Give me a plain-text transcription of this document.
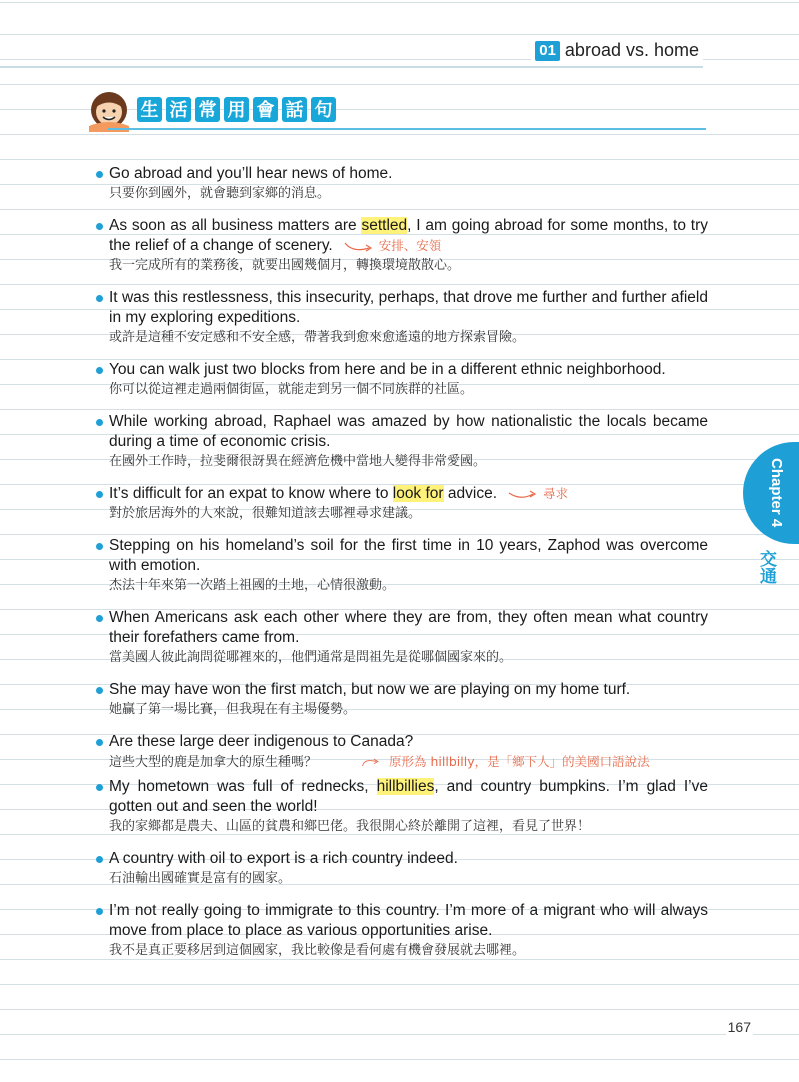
01 abroad vs. home
生 活 常 用 會 話 句
Go abroad and you’ll hear news of home.
只要你到國外，就會聽到家鄉的消息。
As soon as all business matters are settled, I am going abroad for some months, to try the relief of a change of scenery.	安排、安領
我一完成所有的業務後，就要出國幾個月，轉換環境散散心。
It was this restlessness, this insecurity, perhaps, that drove me further and further afield in my exploring expeditions.
或許是這種不安定感和不安全感，帶著我到愈來愈遙遠的地方探索冒險。
You can walk just two blocks from here and be in a different ethnic neighborhood.
你可以從這裡走過兩個街區，就能走到另一個不同族群的社區。
While working abroad, Raphael was amazed by how nationalistic the locals became during a time of economic crisis.
在國外工作時，拉斐爾很訝異在經濟危機中當地人變得非常愛國。
It’s difficult for an expat to know where to look for advice.	尋求
對於旅居海外的人來說，很難知道該去哪裡尋求建議。
Stepping on his homeland’s soil for the first time in 10 years, Zaphod was overcome with emotion.
杰法十年來第一次踏上祖國的土地，心情很激動。
When Americans ask each other where they are from, they often mean what country their forefathers came from.
當美國人彼此詢問從哪裡來的，他們通常是問祖先是從哪個國家來的。
She may have won the first match, but now we are playing on my home turf.
她贏了第一場比賽，但我現在有主場優勢。
Are these large deer indigenous to Canada?
這些大型的鹿是加拿大的原生種嗎？	原形為 hillbilly，是「鄉下人」的美國口語說法
My hometown was full of rednecks, hillbillies, and country bumpkins. I’m glad I’ve gotten out and seen the world!
我的家鄉都是農夫、山區的貧農和鄉巴佬。我很開心終於離開了這裡，看見了世界！
A country with oil to export is a rich country indeed.
石油輸出國確實是富有的國家。
I’m not really going to immigrate to this country. I’m more of a migrant who will always move from place to place as various opportunities arise.
我不是真正要移居到這個國家，我比較像是看何處有機會發展就去哪裡。
Chapter 4
交通
167
